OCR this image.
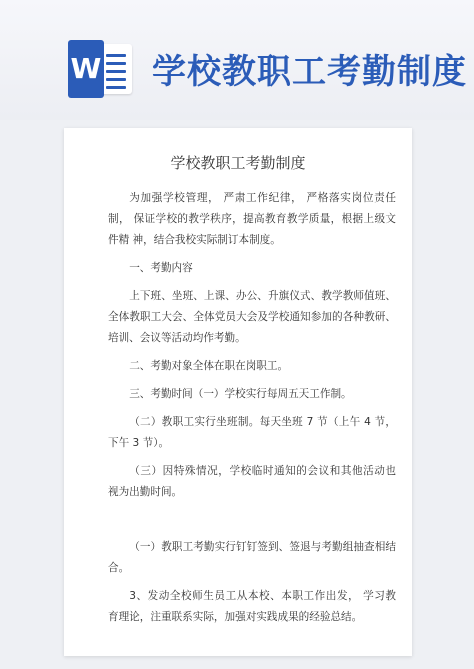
W 学校教职工考勤制度
学校教职工考勤制度

为加强学校管理， 严肃工作纪律， 严格落实岗位责任制， 保证学校的教学秩序，提高教育教学质量，根据上级文件精 神，结合我校实际制订本制度。

一、考勤内容

上下班、坐班、上课、办公、升旗仪式、教学教师值班、 全体教职工大会、全体党员大会及学校通知参加的各种教研、 培训、会议等活动均作考勤。

二、考勤对象全体在职在岗职工。

三、考勤时间（一）学校实行每周五天工作制。

（二）教职工实行坐班制。每天坐班 7 节（上午 4 节， 下午 3 节）。

（三）因特殊情况，学校临时通知的会议和其他活动也 视为出勤时间。

（一）教职工考勤实行钉钉签到、签退与考勤组抽查相结合。

3、发动全校师生员工从本校、本职工作出发， 学习教 育理论，注重联系实际，加强对实践成果的经验总结。
